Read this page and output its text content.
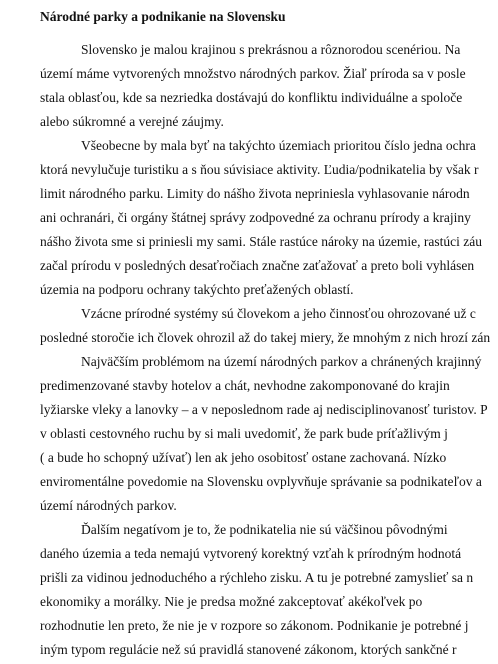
Národné parky a podnikanie na Slovensku
Slovensko je malou krajinou s prekrásnou a rôznorodou scenériou. Na
území máme vytvorených množstvo národných parkov. Žiaľ príroda sa v posle
stala oblasťou, kde sa nezriedka dostávajú do konfliktu individuálne a spoloče
alebo súkromné a verejné záujmy.
Všeobecne by mala byť na takýchto územiach prioritou číslo jedna ochra
ktorá nevylučuje turistiku a s ňou súvisiace aktivity. Ľudia/podnikatelia by však r
limit národného parku. Limity do nášho života nepriniesla vyhlasovanie národn
ani ochranári, či orgány štátnej správy zodpovedné za ochranu prírody a krajiny
nášho života sme si priniesli my sami. Stále rastúce nároky na územie, rastúci záu
začal prírodu v posledných desaťročiach značne zaťažovať a preto boli vyhlásen
územia na podporu ochrany takýchto preťažených oblastí.
Vzácne prírodné systémy sú človekom a jeho činnosťou ohrozované už c
posledné storočie ich človek ohrozil až do takej miery, že mnohým z nich hrozí zán
Najväčším problémom na území národných parkov a chránených krajinný
predimenzované stavby hotelov a chát, nevhodne zakomponované do krajin
lyžiarske vleky a lanovky – a v neposlednom rade aj nedisciplinovanosť turistov. P
v oblasti cestovného ruchu by si mali uvedomiť, že park bude príťažlivým j
( a bude ho schopný užívať) len ak jeho osobitosť ostane zachovaná. Nízko
enviromentálne povedomie na Slovensku ovplyvňuje správanie sa podnikateľov a
území národných parkov.
Ďalším negatívom je to, že podnikatelia nie sú väčšinou pôvodnými
daného územia a teda nemajú vytvorený korektný vzťah k prírodným hodnotá
prišli za vidinou jednoduchého a rýchleho zisku. A tu je potrebné zamyslieť sa n
ekonomiky a morálky. Nie je predsa možné zakceptovať akékoľvek po
rozhodnutie len preto, že nie je v rozpore so zákonom. Podnikanie je potrebné j
iným typom regulácie než sú pravidlá stanovené zákonom, ktorých sankčné r
